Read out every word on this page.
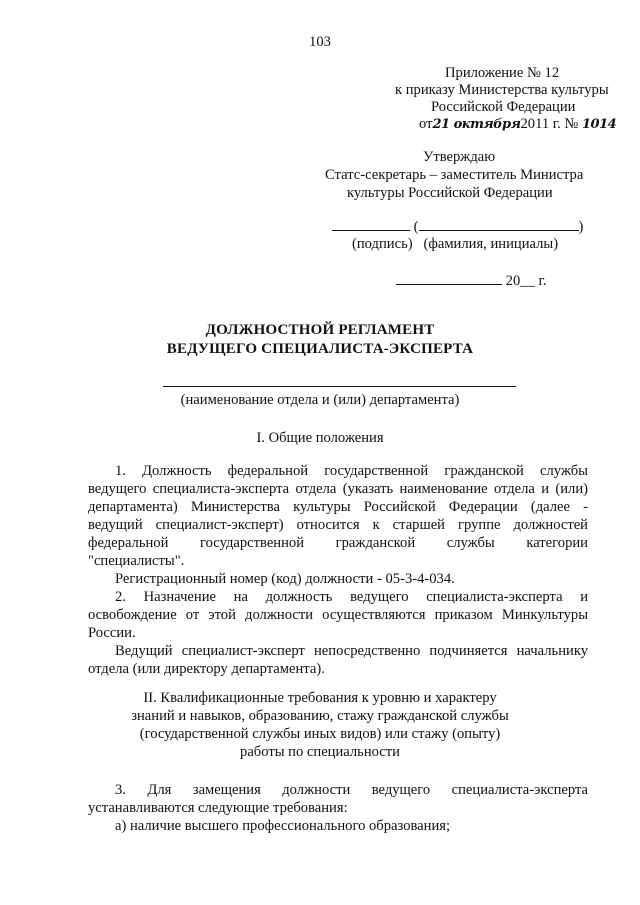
103
Приложение № 12
к приказу Министерства культуры
Российской Федерации
от21 октября2011 г. № 1014
Утверждаю
Статс-секретарь – заместитель Министра
культуры Российской Федерации
(	)
(подпись)   (фамилия, инициалы)
20__ г.
ДОЛЖНОСТНОЙ РЕГЛАМЕНТ
ВЕДУЩЕГО СПЕЦИАЛИСТА-ЭКСПЕРТА
(наименование отдела и (или) департамента)
I. Общие положения
1. Должность федеральной государственной гражданской службы
ведущего специалиста-эксперта отдела (указать наименование отдела и (или)
департамента) Министерства культуры Российской Федерации (далее -
ведущий специалист-эксперт) относится к старшей группе должностей
федеральной государственной гражданской службы категории
"специалисты".
Регистрационный номер (код) должности - 05-3-4-034.
2. Назначение на должность ведущего специалиста-эксперта и
освобождение от этой должности осуществляются приказом Минкультуры
России.
Ведущий специалист-эксперт непосредственно подчиняется начальнику
отдела (или директору департамента).
II. Квалификационные требования к уровню и характеру
знаний и навыков, образованию, стажу гражданской службы
(государственной службы иных видов) или стажу (опыту)
работы по специальности
3. Для замещения должности ведущего специалиста-эксперта
устанавливаются следующие требования:
а) наличие высшего профессионального образования;
